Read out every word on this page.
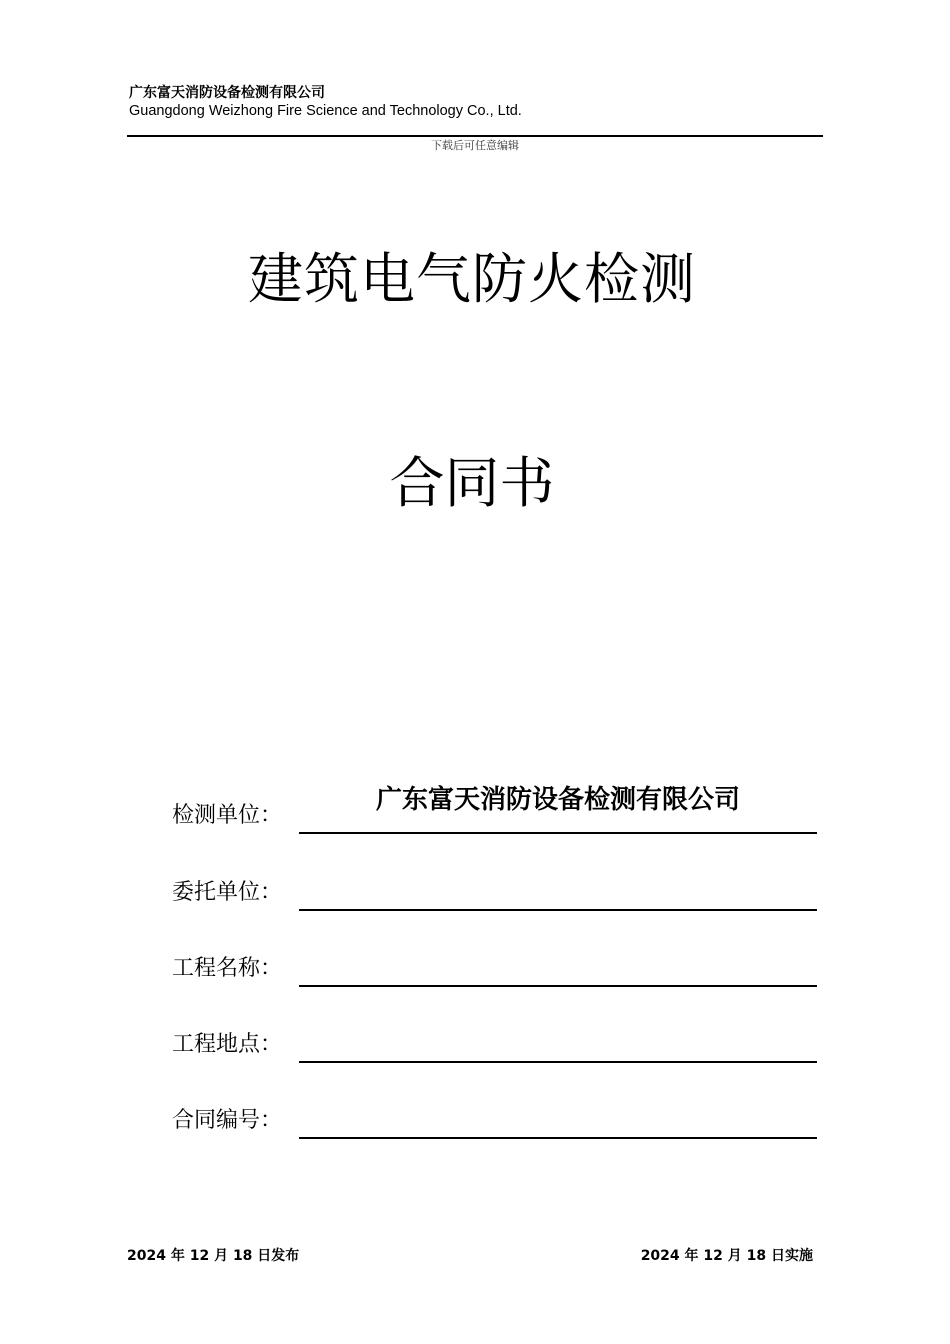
广东富天消防设备检测有限公司
Guangdong Weizhong Fire Science and Technology Co., Ltd.
下载后可任意编辑
建筑电气防火检测
合同书
检测单位：
广东富天消防设备检测有限公司
委托单位：
工程名称：
工程地点：
合同编号：
2024 年 12 月 18 日发布	2024 年 12 月 18 日实施
